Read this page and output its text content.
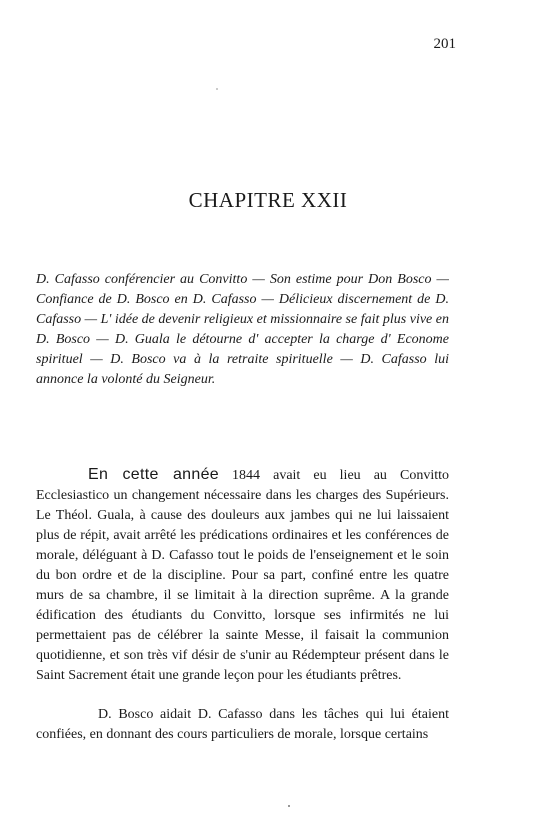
201
CHAPITRE XXII
D. Cafasso conférencier au Convitto — Son estime pour Don Bosco — Confiance de D. Bosco en D. Cafasso — Délicieux discernement de D. Cafasso — L' idée de devenir religieux et missionnaire se fait plus vive en D. Bosco — D. Guala le détourne d' accepter la charge d' Econome spirituel — D. Bosco va à la retraite spirituelle — D. Cafasso lui annonce la volonté du Seigneur.

En cette année 1844 avait eu lieu au Convitto Ecclesiastico un changement nécessaire dans les charges des Supérieurs. Le Théol. Guala, à cause des douleurs aux jambes qui ne lui laissaient plus de répit, avait arrêté les prédications ordinaires et les conférences de morale, déléguant à D. Cafasso tout le poids de l'enseignement et le soin du bon ordre et de la discipline. Pour sa part, confiné entre les quatre murs de sa chambre, il se limitait à la direction suprême. A la grande édification des étudiants du Convitto, lorsque ses infirmités ne lui permettaient pas de célébrer la sainte Messe, il faisait la communion quotidienne, et son très vif désir de s'unir au Rédempteur présent dans le Saint Sacrement était une grande leçon pour les étudiants prêtres.

D. Bosco aidait D. Cafasso dans les tâches qui lui étaient confiées, en donnant des cours particuliers de morale, lorsque certains
